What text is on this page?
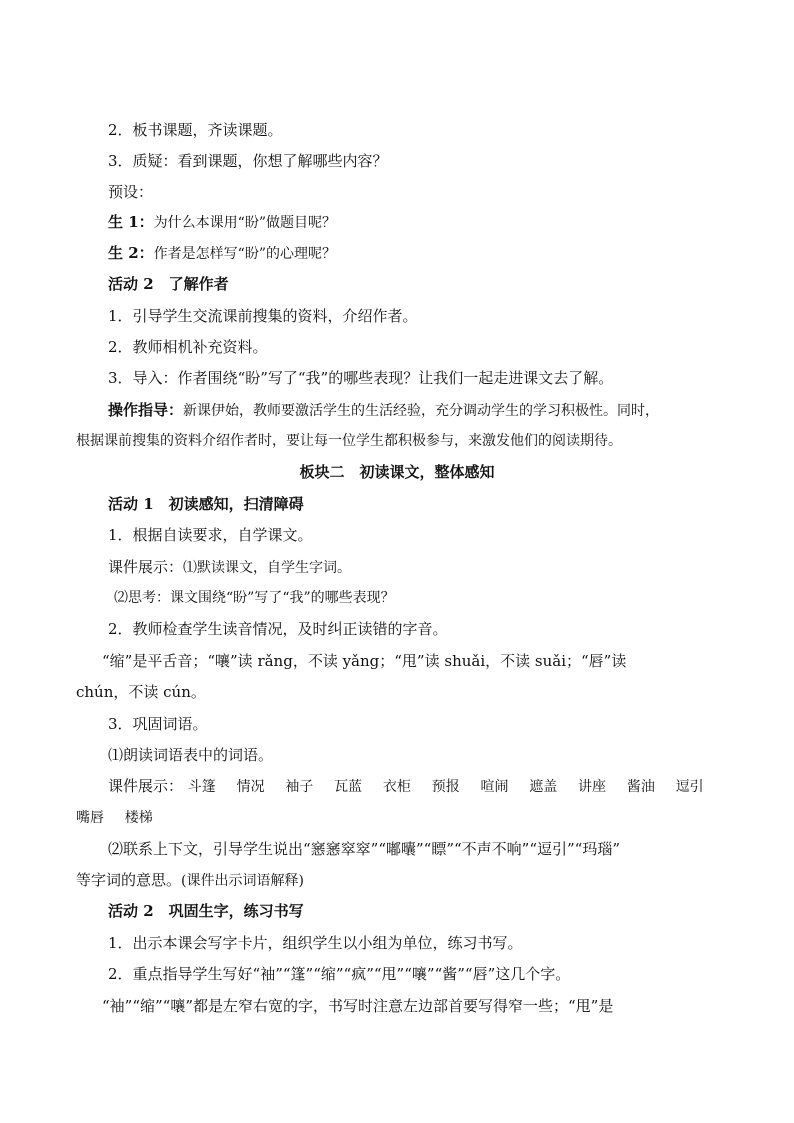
2．板书课题，齐读课题。
3．质疑：看到课题，你想了解哪些内容？
预设：
生 1：为什么本课用“盼”做题目呢？
生 2：作者是怎样写“盼”的心理呢？
活动 2　了解作者
1．引导学生交流课前搜集的资料，介绍作者。
2．教师相机补充资料。
3．导入：作者围绕“盼”写了“我”的哪些表现？让我们一起走进课文去了解。
操作指导：新课伊始，教师要激活学生的生活经验，充分调动学生的学习积极性。同时，
根据课前搜集的资料介绍作者时，要让每一位学生都积极参与，来激发他们的阅读期待。
板块二　初读课文，整体感知
活动 1　初读感知，扫清障碍
1．根据自读要求，自学课文。
课件展示：⑴默读课文，自学生字词。
⑵思考：课文围绕“盼”写了“我”的哪些表现？
2．教师检查学生读音情况，及时纠正读错的字音。
“缩”是平舌音；“嚷”读 rǎng，不读 yǎng；“甩”读 shuǎi，不读 suǎi；“唇”读
chún，不读 cún。
3．巩固词语。
⑴朗读词语表中的词语。
课件展示： 斗篷 情况 袖子 瓦蓝 衣柜 预报 喧闹 遮盖 讲座 酱油 逗引
嘴唇 楼梯
⑵联系上下文，引导学生说出“窸窸窣窣”“嘟囔”“瞟”“不声不响”“逗引”“玛瑙”
等字词的意思。(课件出示词语解释)
活动 2　巩固生字，练习书写
1．出示本课会写字卡片，组织学生以小组为单位，练习书写。
2．重点指导学生写好“袖”“篷”“缩”“疯”“甩”“嚷”“酱”“唇”这几个字。
“袖”“缩”“嚷”都是左窄右宽的字，书写时注意左边部首要写得窄一些；“甩”是
